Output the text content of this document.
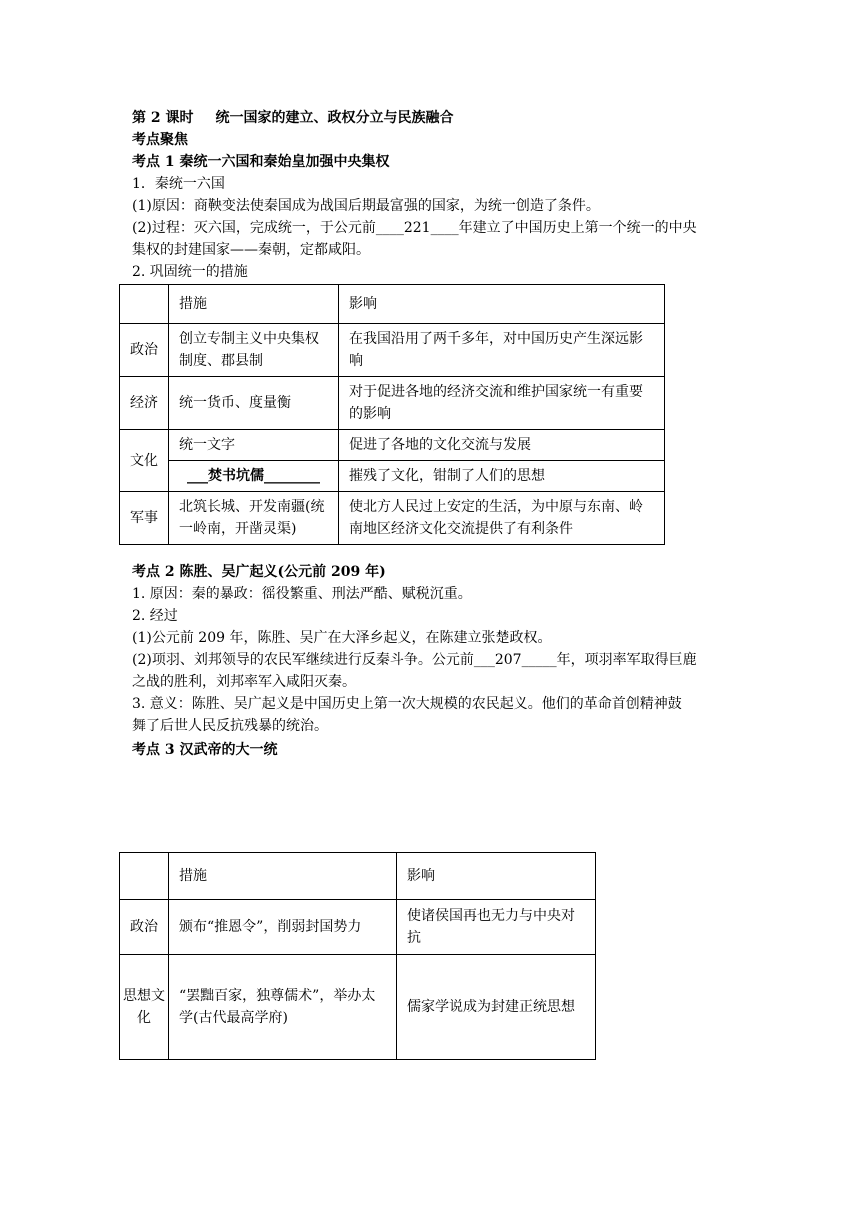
第 2 课时 统一国家的建立、政权分立与民族融合
考点聚焦
考点 1 秦统一六国和秦始皇加强中央集权
1．秦统一六国
(1)原因：商鞅变法使秦国成为战国后期最富强的国家，为统一创造了条件。
(2)过程：灭六国，完成统一，于公元前____221____年建立了中国历史上第一个统一的中央
集权的封建国家——秦朝，定都咸阳。
2. 巩固统一的措施
	措施	影响
政治	创立专制主义中央集权制度、郡县制	在我国沿用了两千多年，对中国历史产生深远影响
经济	统一货币、度量衡	对于促进各地的经济交流和维护国家统一有重要的影响
文化	统一文字	促进了各地的文化交流与发展
	___焚书坑儒________	摧残了文化，钳制了人们的思想
军事	北筑长城、开发南疆(统一岭南，开凿灵渠)	使北方人民过上安定的生活，为中原与东南、岭南地区经济文化交流提供了有利条件
考点 2 陈胜、吴广起义(公元前 209 年)
1. 原因：秦的暴政：徭役繁重、刑法严酷、赋税沉重。
2. 经过
(1)公元前 209 年，陈胜、吴广在大泽乡起义，在陈建立张楚政权。
(2)项羽、刘邦领导的农民军继续进行反秦斗争。公元前___207_____年，项羽率军取得巨鹿
之战的胜利，刘邦率军入咸阳灭秦。
3. 意义：陈胜、吴广起义是中国历史上第一次大规模的农民起义。他们的革命首创精神鼓
舞了后世人民反抗残暴的统治。
考点 3 汉武帝的大一统
	措施	影响
政治	颁布“推恩令”，削弱封国势力	使诸侯国再也无力与中央对抗
思想文化	“罢黜百家，独尊儒术”，举办太学(古代最高学府)	儒家学说成为封建正统思想
